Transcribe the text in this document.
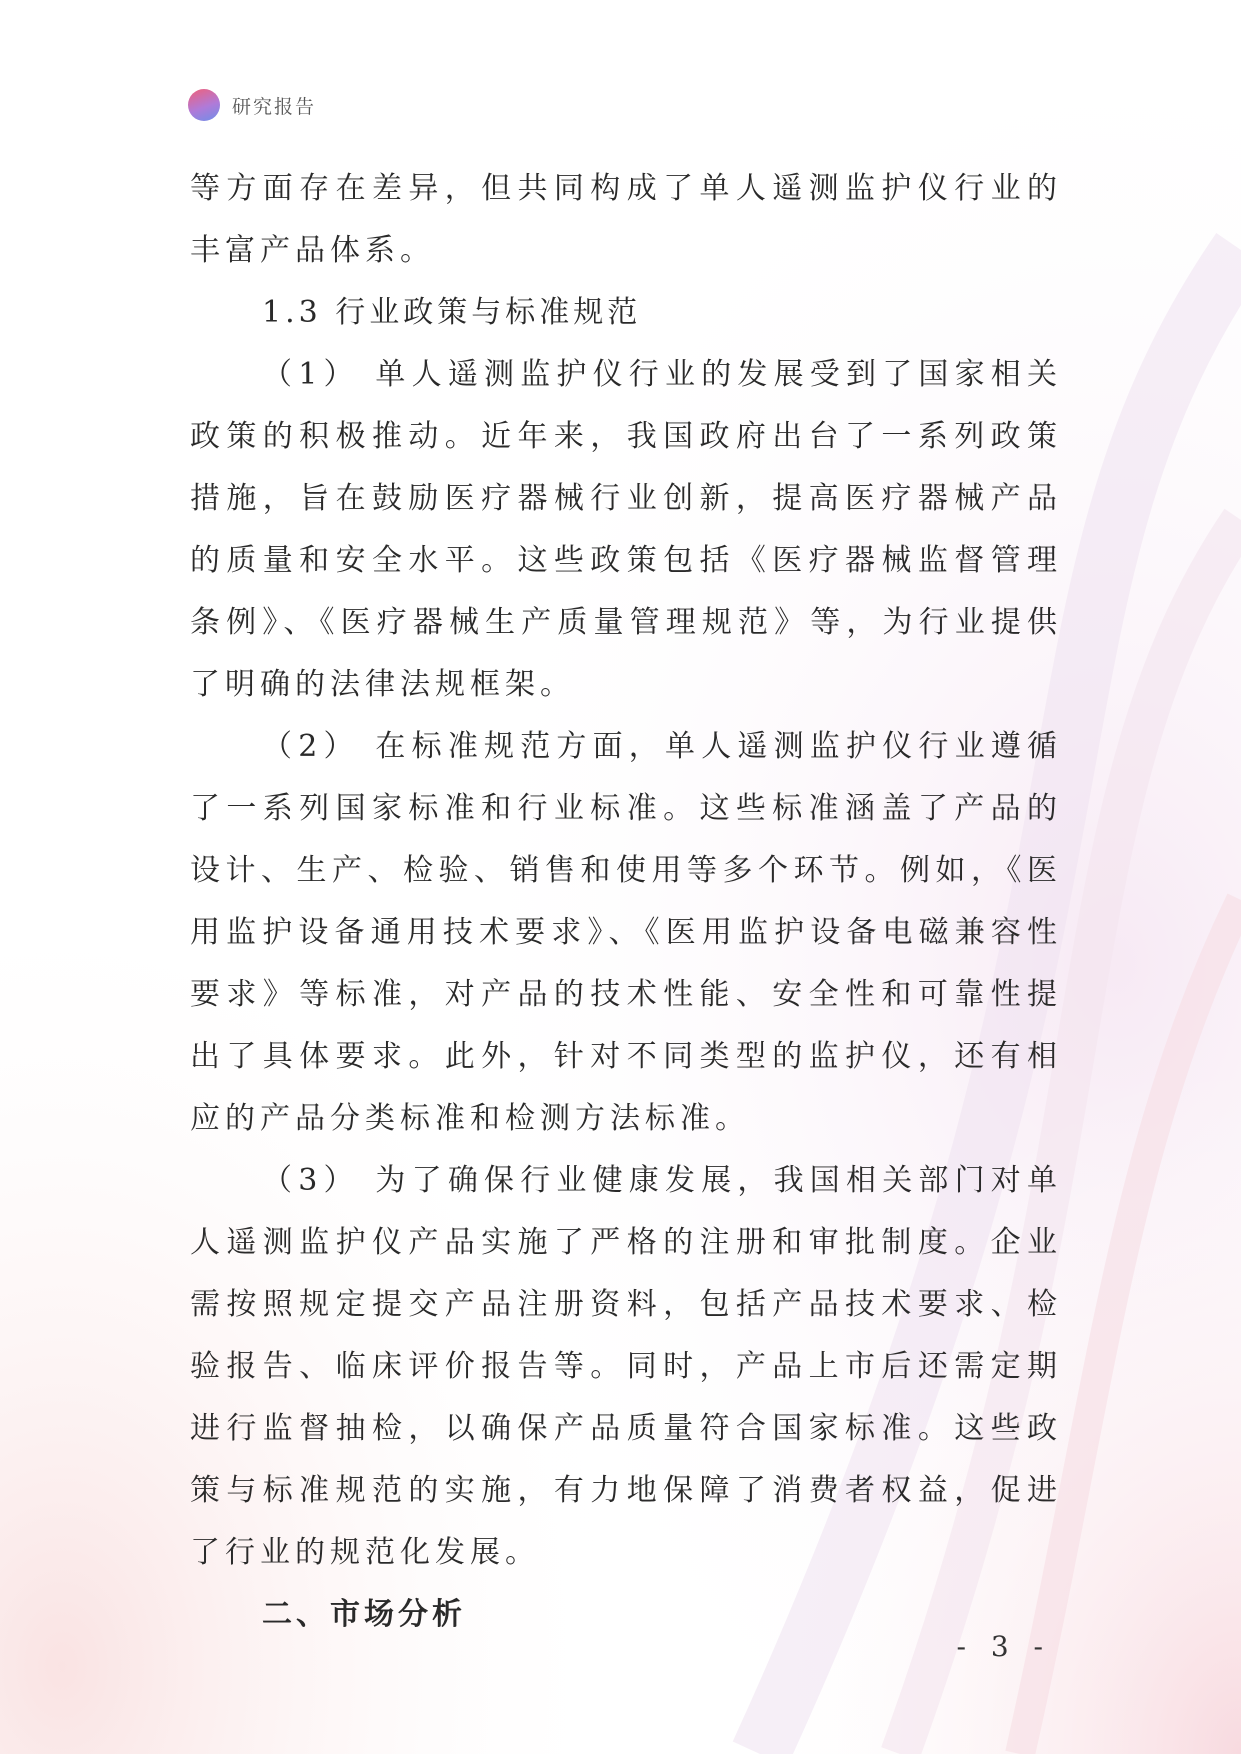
研究报告

等方面存在差异，但共同构成了单人遥测监护仪行业的丰富产品体系。

1.3 行业政策与标准规范

（1） 单人遥测监护仪行业的发展受到了国家相关政策的积极推动。近年来，我国政府出台了一系列政策措施，旨在鼓励医疗器械行业创新，提高医疗器械产品的质量和安全水平。这些政策包括《医疗器械监督管理条例》、《医疗器械生产质量管理规范》等，为行业提供了明确的法律法规框架。

（2） 在标准规范方面，单人遥测监护仪行业遵循了一系列国家标准和行业标准。这些标准涵盖了产品的设计、生产、检验、销售和使用等多个环节。例如，《医用监护设备通用技术要求》、《医用监护设备电磁兼容性要求》等标准，对产品的技术性能、安全性和可靠性提出了具体要求。此外，针对不同类型的监护仪，还有相应的产品分类标准和检测方法标准。

（3） 为了确保行业健康发展，我国相关部门对单人遥测监护仪产品实施了严格的注册和审批制度。企业需按照规定提交产品注册资料，包括产品技术要求、检验报告、临床评价报告等。同时，产品上市后还需定期进行监督抽检，以确保产品质量符合国家标准。这些政策与标准规范的实施，有力地保障了消费者权益，促进了行业的规范化发展。

二、市场分析
- 3 -
